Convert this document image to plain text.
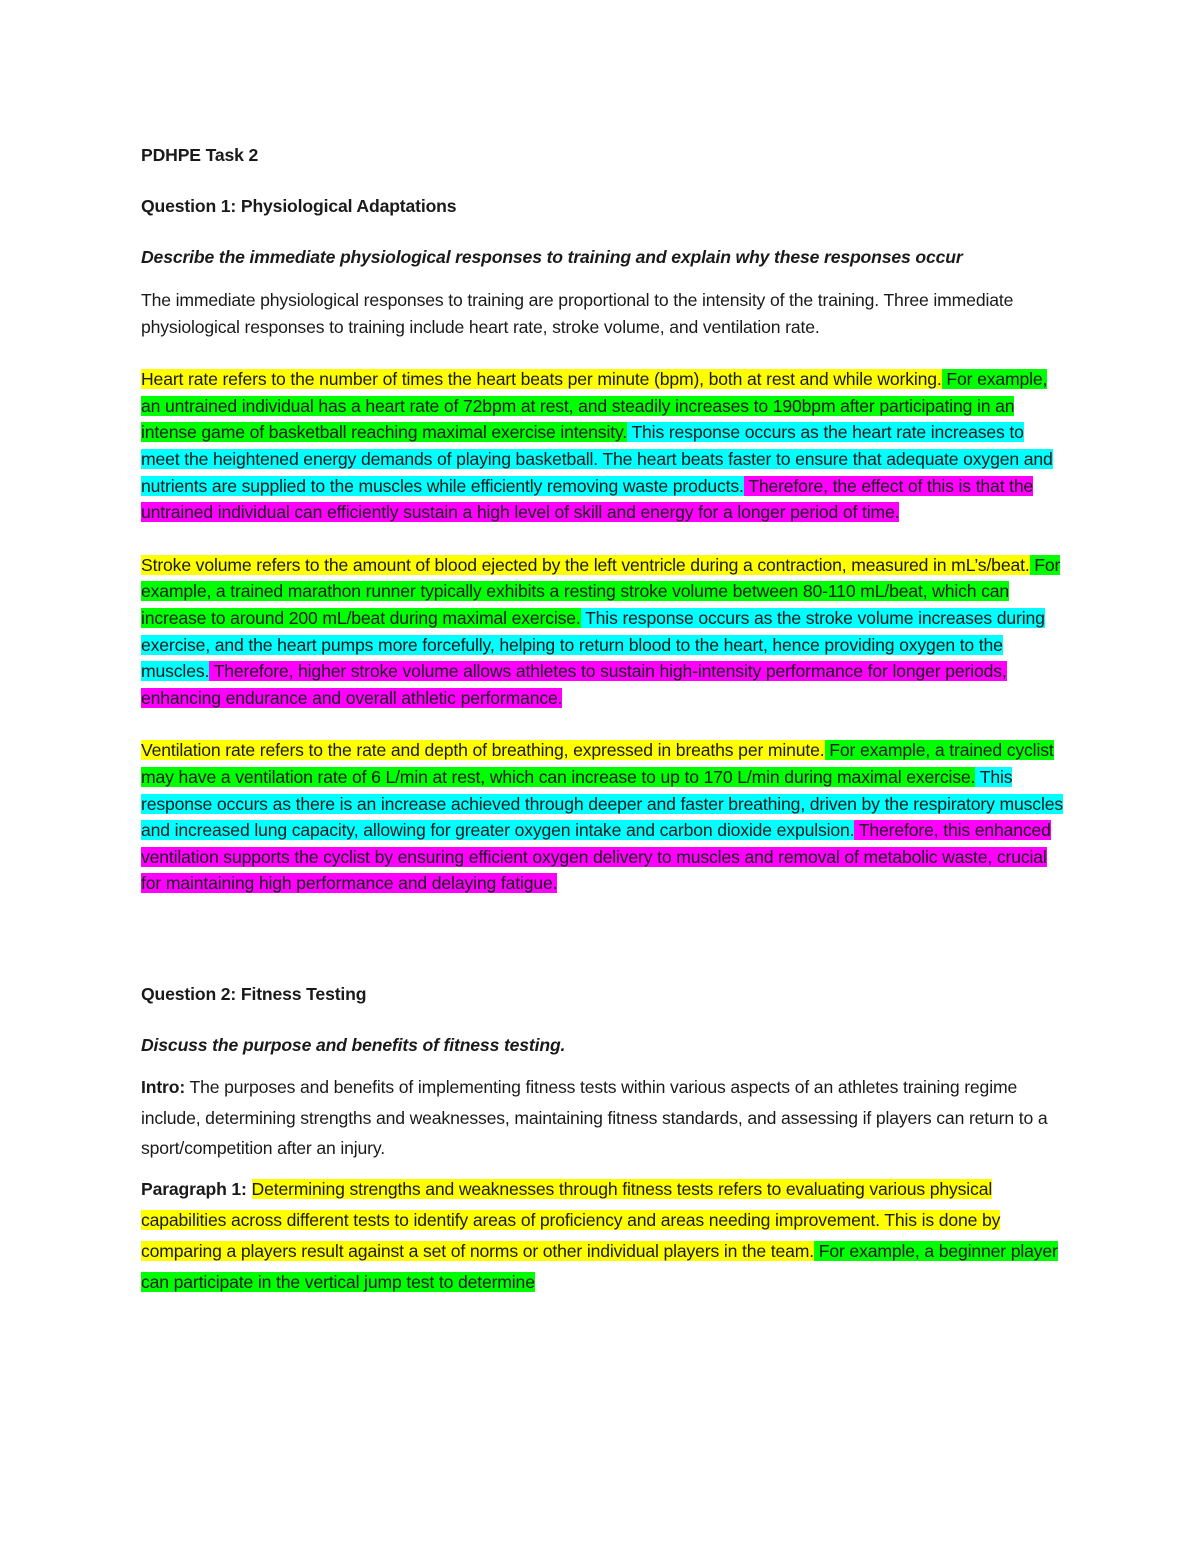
PDHPE Task 2

Question 1: Physiological Adaptations

Describe the immediate physiological responses to training and explain why these responses occur

The immediate physiological responses to training are proportional to the intensity of the training. Three immediate physiological responses to training include heart rate, stroke volume, and ventilation rate.

Heart rate refers to the number of times the heart beats per minute (bpm), both at rest and while working. For example, an untrained individual has a heart rate of 72bpm at rest, and steadily increases to 190bpm after participating in an intense game of basketball reaching maximal exercise intensity. This response occurs as the heart rate increases to meet the heightened energy demands of playing basketball. The heart beats faster to ensure that adequate oxygen and nutrients are supplied to the muscles while efficiently removing waste products. Therefore, the effect of this is that the untrained individual can efficiently sustain a high level of skill and energy for a longer period of time.

Stroke volume refers to the amount of blood ejected by the left ventricle during a contraction, measured in mL’s/beat. For example, a trained marathon runner typically exhibits a resting stroke volume between 80-110 mL/beat, which can increase to around 200 mL/beat during maximal exercise. This response occurs as the stroke volume increases during exercise, and the heart pumps more forcefully, helping to return blood to the heart, hence providing oxygen to the muscles. Therefore, higher stroke volume allows athletes to sustain high-intensity performance for longer periods, enhancing endurance and overall athletic performance.

Ventilation rate refers to the rate and depth of breathing, expressed in breaths per minute. For example, a trained cyclist may have a ventilation rate of 6 L/min at rest, which can increase to up to 170 L/min during maximal exercise. This response occurs as there is an increase achieved through deeper and faster breathing, driven by the respiratory muscles and increased lung capacity, allowing for greater oxygen intake and carbon dioxide expulsion. Therefore, this enhanced ventilation supports the cyclist by ensuring efficient oxygen delivery to muscles and removal of metabolic waste, crucial for maintaining high performance and delaying fatigue.

Question 2: Fitness Testing

Discuss the purpose and benefits of fitness testing.

Intro: The purposes and benefits of implementing fitness tests within various aspects of an athletes training regime include, determining strengths and weaknesses, maintaining fitness standards, and assessing if players can return to a sport/competition after an injury.

Paragraph 1: Determining strengths and weaknesses through fitness tests refers to evaluating various physical capabilities across different tests to identify areas of proficiency and areas needing improvement. This is done by comparing a players result against a set of norms or other individual players in the team. For example, a beginner player can participate in the vertical jump test to determine
